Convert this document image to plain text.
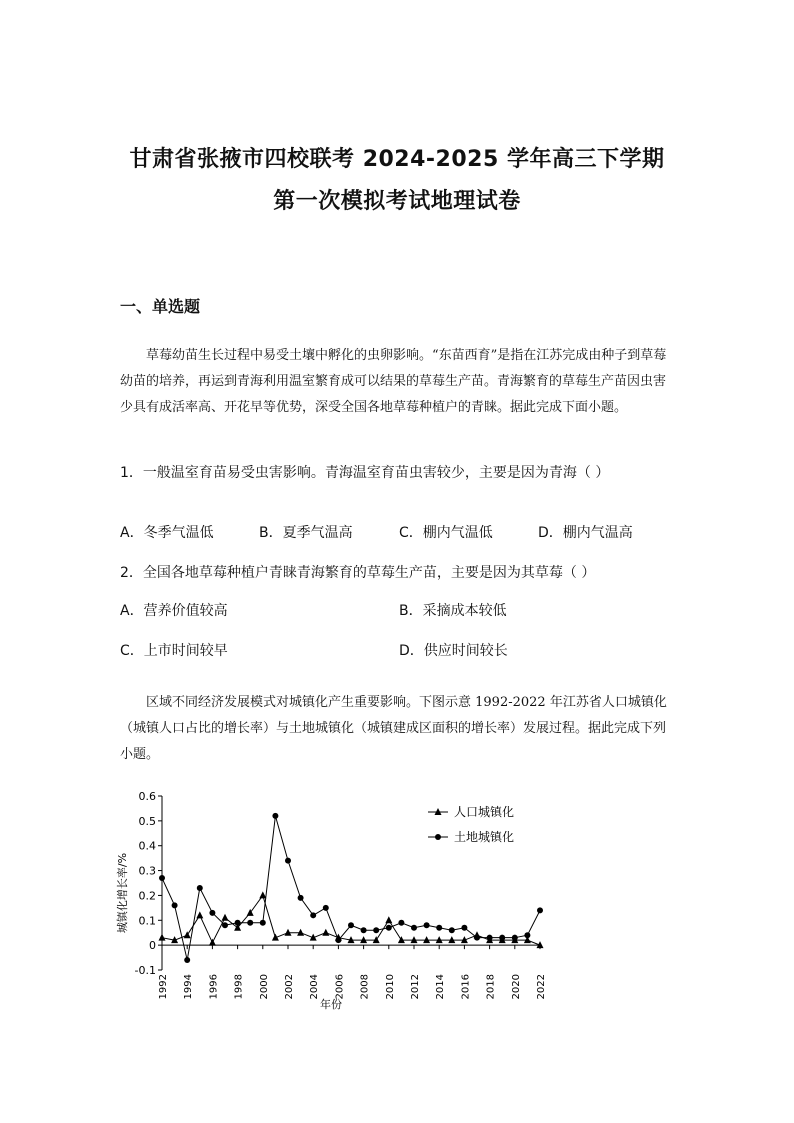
甘肃省张掖市四校联考 2024-2025 学年高三下学期
第一次模拟考试地理试卷
一、单选题

草莓幼苗生长过程中易受土壤中孵化的虫卵影响。“东苗西育”是指在江苏完成由种子到草莓幼苗的培养，再运到青海利用温室繁育成可以结果的草莓生产苗。青海繁育的草莓生产苗因虫害少具有成活率高、开花早等优势，深受全国各地草莓种植户的青睐。据此完成下面小题。

1．一般温室育苗易受虫害影响。青海温室育苗虫害较少，主要是因为青海（ ）
A．冬季气温低	B．夏季气温高	C．棚内气温低	D．棚内气温高
2．全国各地草莓种植户青睐青海繁育的草莓生产苗，主要是因为其草莓（ ）
A．营养价值较高	B．采摘成本较低
C．上市时间较早	D．供应时间较长

区域不同经济发展模式对城镇化产生重要影响。下图示意 1992-2022 年江苏省人口城镇化（城镇人口占比的增长率）与土地城镇化（城镇建成区面积的增长率）发展过程。据此完成下列小题。

0.6
0.5
0.4
0.3
0.2
0.1
0
-0.1
1992 1994 1996 1998 2000 2002 2004 2006 2008 2010 2012 2014 2016 2018 2020 2022
人口城镇化
土地城镇化
城镇化增长率/%
年份
